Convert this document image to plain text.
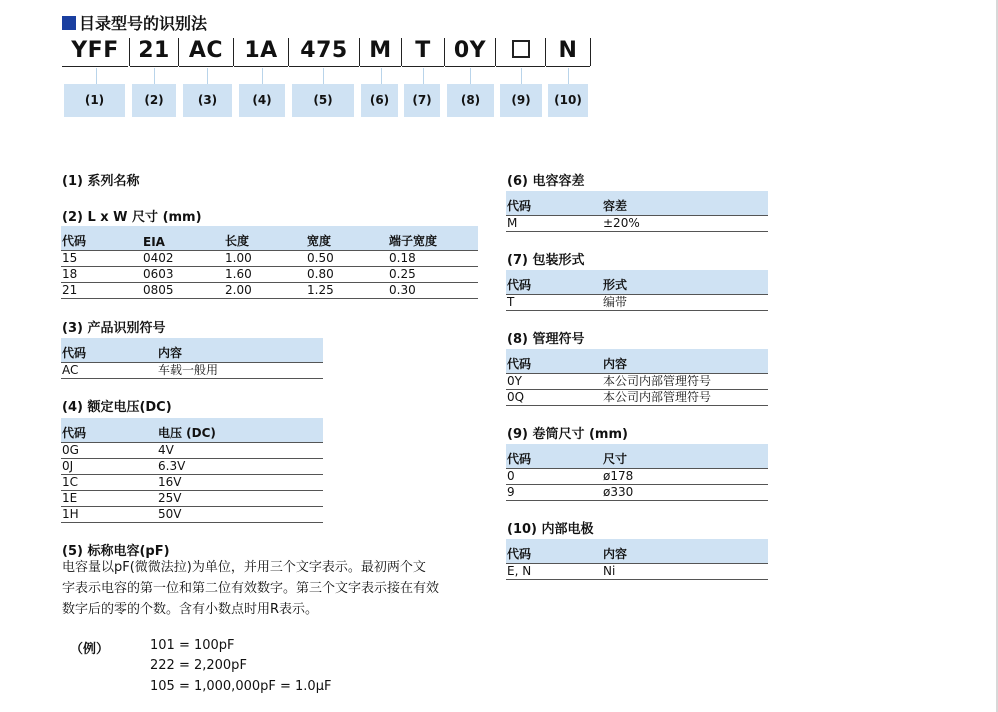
目录型号的识别法
YFF 21 AC 1A	475 M	T	0Y	N
(1)	(2)	(3)	(4)	(5)	(6)	(7)	(8)	(9)	(10)
(1) 系列名称
(2) L x W 尺寸 (mm)
代码	EIA	长度	宽度	端子宽度
15	0402	1.00	0.50	0.18
18	0603	1.60	0.80	0.25
21	0805	2.00	1.25	0.30
(3) 产品识别符号
代码	内容
AC	车载一般用
(4) 额定电压(DC)
代码	电压 (DC)
0G	4V
0J	6.3V
1C	16V
1E	25V
1H	50V
(5) 标称电容(pF)
电容量以pF(微微法拉)为单位，并用三个文字表示。最初两个文
字表示电容的第一位和第二位有效数字。第三个文字表示接在有效
数字后的零的个数。含有小数点时用R表示。
（例）	101 = 100pF
222 = 2,200pF
105 = 1,000,000pF = 1.0μF
(6) 电容容差
代码	容差
M	±20%
(7) 包装形式
代码	形式
T	编带
(8) 管理符号
代码	内容
0Y	本公司内部管理符号
0Q	本公司内部管理符号
(9) 卷筒尺寸 (mm)
代码	尺寸
0	ø178
9	ø330
(10) 内部电极
代码	内容
E, N	Ni
